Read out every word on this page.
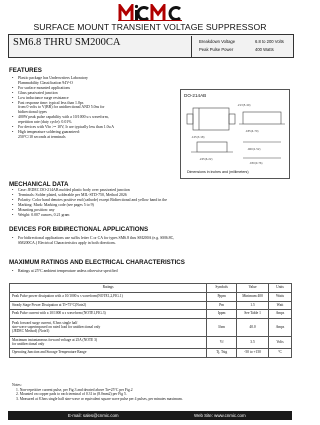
SURFACE MOUNT TRANSIENT VOLTAGE SUPPRESSOR
SM6.8 THRU SM200CA	Breakdown Voltage	6.8 to 200 Volts
Peak Pulse Power	400 Watts
FEATURES
• Plastic package has Underwriters Laboratory
Flammability Classification 94V-O
• For surface mounted applications
• Glass passivated junction
• Low inductance surge resistance
• Fast response time: typical less than 1.0ps
from 0 volts to V(BR) for unidirectional AND 5.0ns for
bidirectional types
• 400W peak pulse capability with a 10/1000 u s waveform,
repetition rate (duty cycle): 0.01%
• For devices with Vbr >= 10V, Ir are typically less than 1.0u A
• High temperature soldering guaranteed:
250°C/10 seconds at terminals
DO-214AB
.213(5.40)
.185(4.70)
.125(3.18)
.060(1.52)
.245(6.22)
.030(0.76)
Dimensions in inches and (millimeters)
MECHANICAL DATA
• Case: JEDEC DO-214AB molded plastic body over passivated junction
• Terminals: Solder plated, solderable per MIL-STD-750, Method 2026
• Polarity: Color band denotes positive end (cathode) except Bidirectional and yellow band in the
• Marking: Mark: Marking code (see pages 5 to 9)
• Mounting position: any
• Weight: 0.007 ounces, 0.21 gram
DEVICES FOR BIDIRECTIONAL APPLICATIONS
• For bidirectional applications use suffix letter C or CA for types SM6.8 thru SM200A (e.g. SM6.8C,
SM200CA.) Electrical Characteristics apply in both directions.
MAXIMUM RATINGS AND ELECTRICAL CHARACTERISTICS
• Ratings at 25°C ambient temperature unless otherwise specified
Ratings	Symbols	Value	Units
Peak Pulse power dissipation with a 10/1000 u s waveform(NOTE1,2,FIG.1)	Pppm	Minimum 400	Watts
Steady Stage Power Dissipation at Tl=75°C(Note2)	Pm	1.5	Watt
Peak Pulse current with a 10/1000 u s waveform (NOTE1,FIG.3)	Ippm	See Table 1	Amps
Peak forward surge current, 8.3ms single half
sine-wave superimposed on rated load for unidirectional only
(JEDEC Method) (Note3)	Ifsm	40.0	Amps
Maximum instantaneous forward voltage at 25A (NOTE 3)
for unidirectional only	Vf	3.5	Volts
Operating Junction and Storage Temperature Range	Tj, Tstg	-50 to +150	°C
Notes:
1. Non-repetitive current pulse, per Fig.3 and derated above Ta=25°C per Fig.2
2. Mounted on copper pads to each terminal of 0.31 in (8.0mm2) per Fig 5.
3. Measured at 8.3ms single half sine-wave or equivalent square wave pulse per 4 pulses, per minutes maximum.
E-mail: sales@cnmic.com	Web Site: www.cnmic.com
